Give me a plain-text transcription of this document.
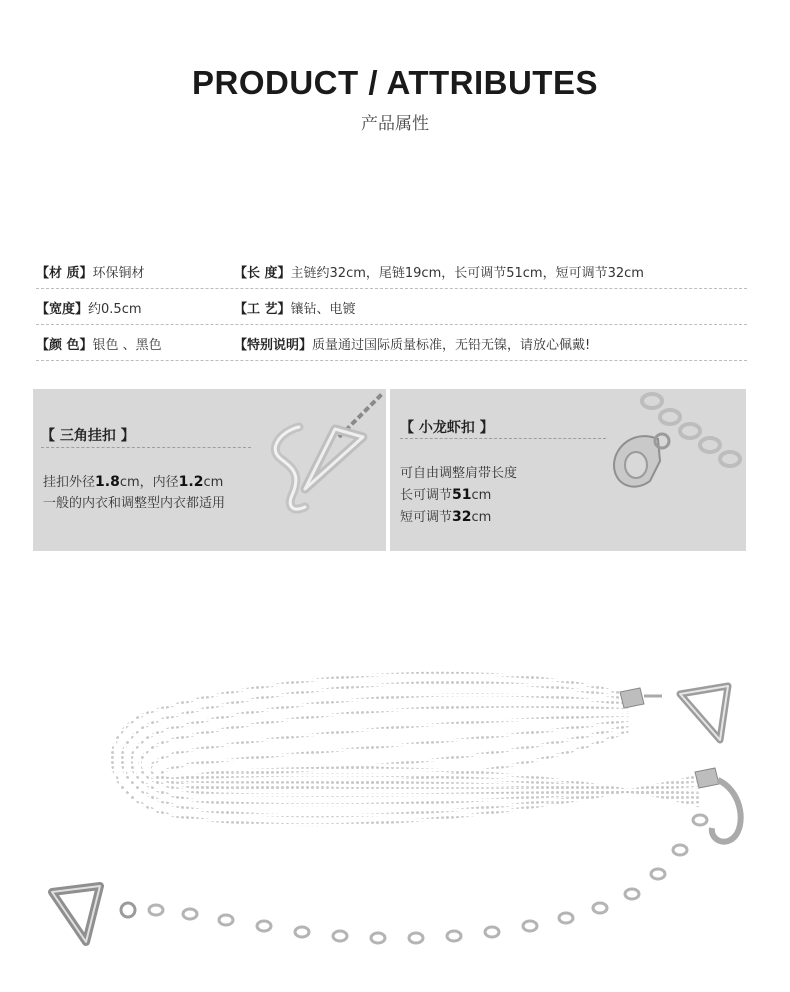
PRODUCT / ATTRIBUTES
产品属性
【材 质】环保铜材	【长 度】主链约32cm，尾链19cm，长可调节51cm，短可调节32cm
【宽度】约0.5cm	【工 艺】镶钻、电镀
【颜 色】银色 、黑色	【特别说明】质量通过国际质量标准，无铅无镍，请放心佩戴!
【 三角挂扣 】
挂扣外径1.8cm，内径1.2cm
一般的内衣和调整型内衣都适用
【 小龙虾扣 】
可自由调整肩带长度
长可调节51cm
短可调节32cm
